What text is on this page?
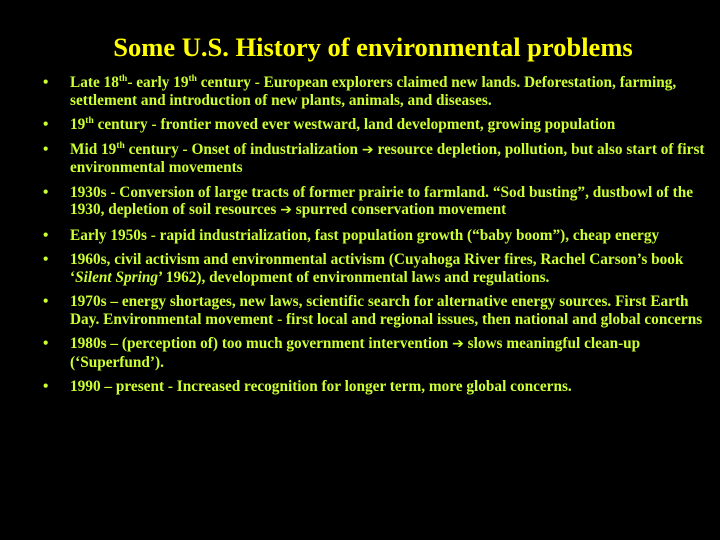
Some U.S. History of environmental problems
• Late 18th- early 19th century - European explorers claimed new lands. Deforestation, farming, settlement and introduction of new plants, animals, and diseases.
• 19th century - frontier moved ever westward, land development, growing population
• Mid 19th century - Onset of industrialization ➔ resource depletion, pollution, but also start of first environmental movements
• 1930s - Conversion of large tracts of former prairie to farmland. “Sod busting”, dustbowl of the 1930, depletion of soil resources ➔ spurred conservation movement
• Early 1950s - rapid industrialization, fast population growth (“baby boom”), cheap energy
• 1960s, civil activism and environmental activism (Cuyahoga River fires, Rachel Carson’s book ‘Silent Spring’ 1962), development of environmental laws and regulations.
• 1970s – energy shortages, new laws, scientific search for alternative energy sources. First Earth Day. Environmental movement - first local and regional issues, then national and global concerns
• 1980s – (perception of) too much government intervention ➔ slows meaningful clean-up (‘Superfund’).
• 1990 – present - Increased recognition for longer term, more global concerns.
